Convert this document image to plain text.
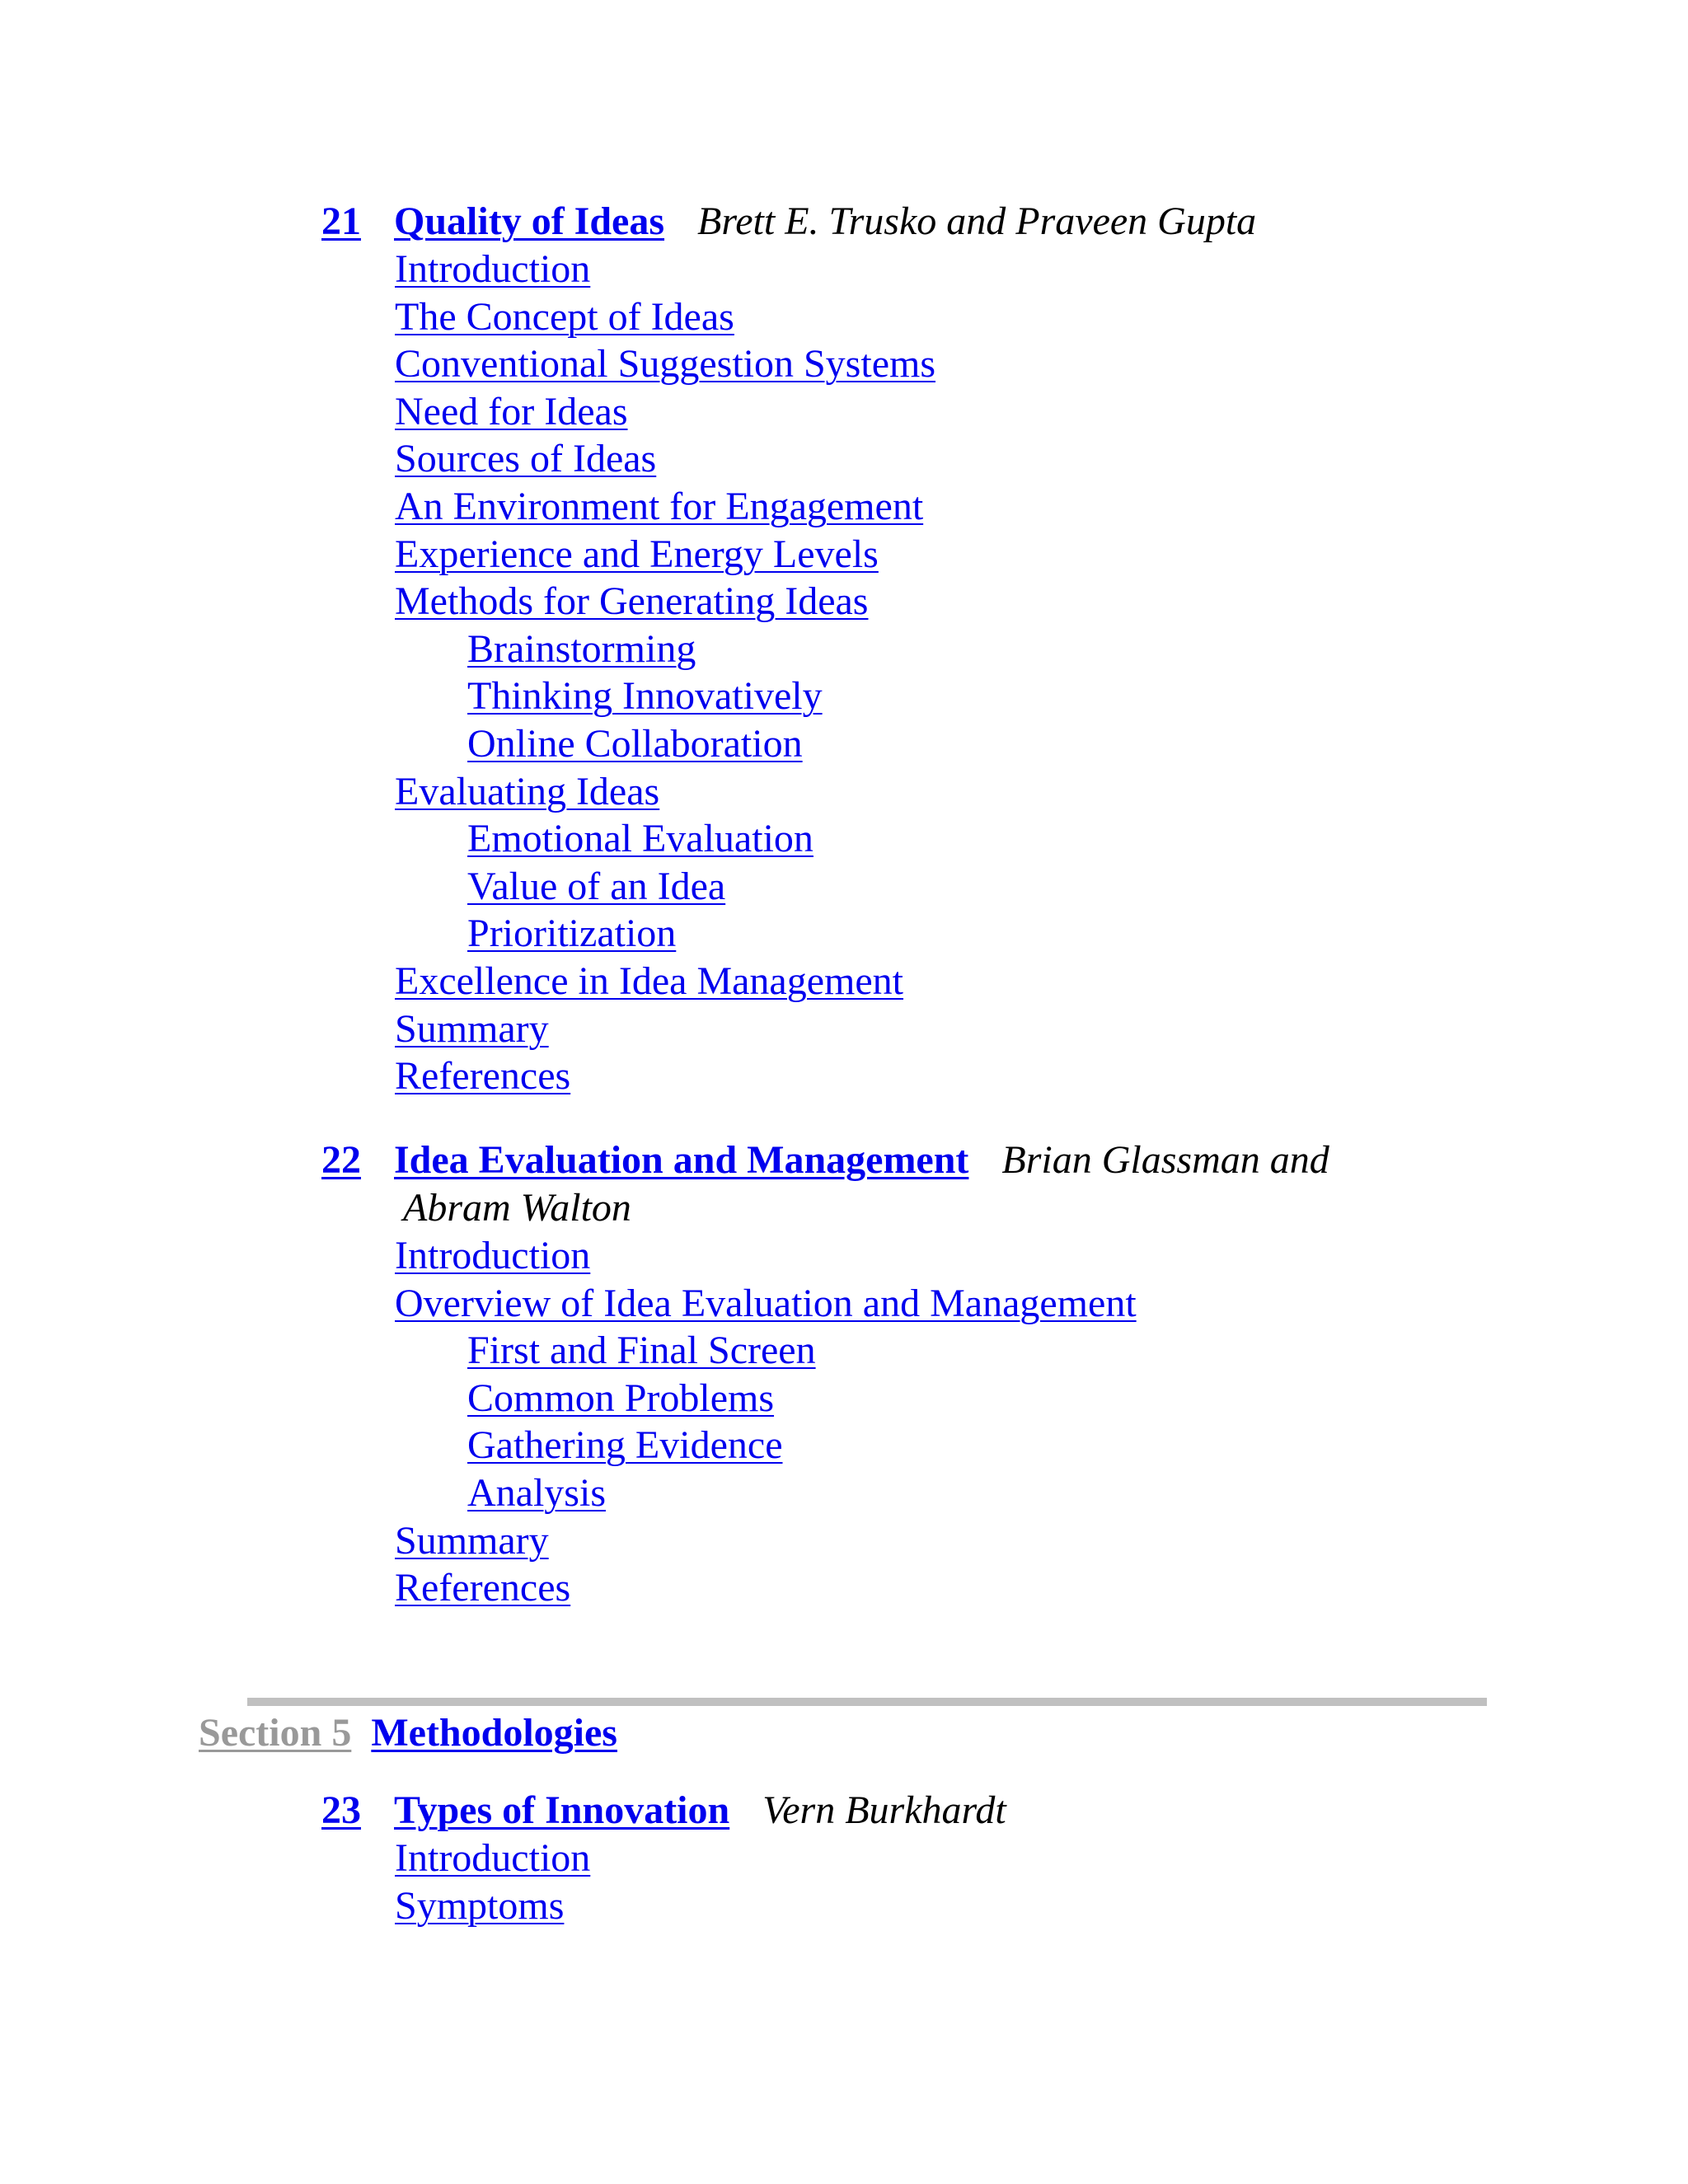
21 Quality of Ideas Brett E. Trusko and Praveen Gupta
Introduction
The Concept of Ideas
Conventional Suggestion Systems
Need for Ideas
Sources of Ideas
An Environment for Engagement
Experience and Energy Levels
Methods for Generating Ideas
Brainstorming
Thinking Innovatively
Online Collaboration
Evaluating Ideas
Emotional Evaluation
Value of an Idea
Prioritization
Excellence in Idea Management
Summary
References
22 Idea Evaluation and Management Brian Glassman and
Abram Walton
Introduction
Overview of Idea Evaluation and Management
First and Final Screen
Common Problems
Gathering Evidence
Analysis
Summary
References
Section 5 Methodologies
23 Types of Innovation Vern Burkhardt
Introduction
Symptoms
